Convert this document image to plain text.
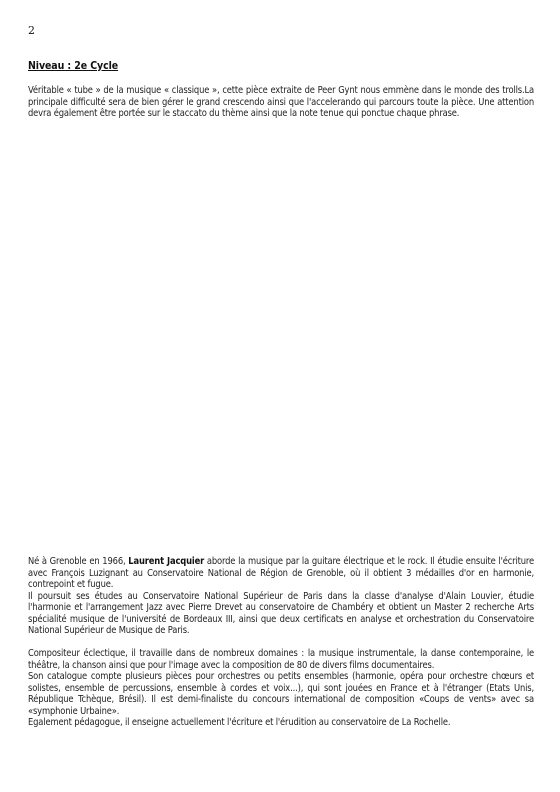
2
Niveau : 2e Cycle
Véritable « tube » de la musique « classique », cette pièce extraite de Peer Gynt nous emmène dans le monde des trolls.La principale difficulté sera de bien gérer le grand crescendo ainsi que l'accelerando qui parcours toute la pièce. Une attention devra également être portée sur le staccato du thème ainsi que la note tenue qui ponctue chaque phrase.

Né à Grenoble en 1966, Laurent Jacquier aborde la musique par la guitare électrique et le rock. Il étudie ensuite l'écriture avec François Luzignant au Conservatoire National de Région de Grenoble, où il obtient 3 médailles d'or en harmonie, contrepoint et fugue.

Il poursuit ses études au Conservatoire National Supérieur de Paris dans la classe d'analyse d'Alain Louvier, étudie l'harmonie et l'arrangement Jazz avec Pierre Drevet au conservatoire de Chambéry et obtient un Master 2 recherche Arts spécialité musique de l'université de Bordeaux III, ainsi que deux certificats en analyse et orchestration du Conservatoire National Supérieur de Musique de Paris.

Compositeur éclectique, il travaille dans de nombreux domaines : la musique instrumentale, la danse contemporaine, le théâtre, la chanson ainsi que pour l'image avec la composition de 80 de divers films documentaires.

Son catalogue compte plusieurs pièces pour orchestres ou petits ensembles (harmonie, opéra pour orchestre chœurs et solistes, ensemble de percussions, ensemble à cordes et voix...), qui sont jouées en France et à l'étranger (Etats Unis, République Tchèque, Brésil). Il est demi-finaliste du concours international de composition «Coups de vents» avec sa «symphonie Urbaine».

Egalement pédagogue, il enseigne actuellement l'écriture et l'érudition au conservatoire de La Rochelle.
